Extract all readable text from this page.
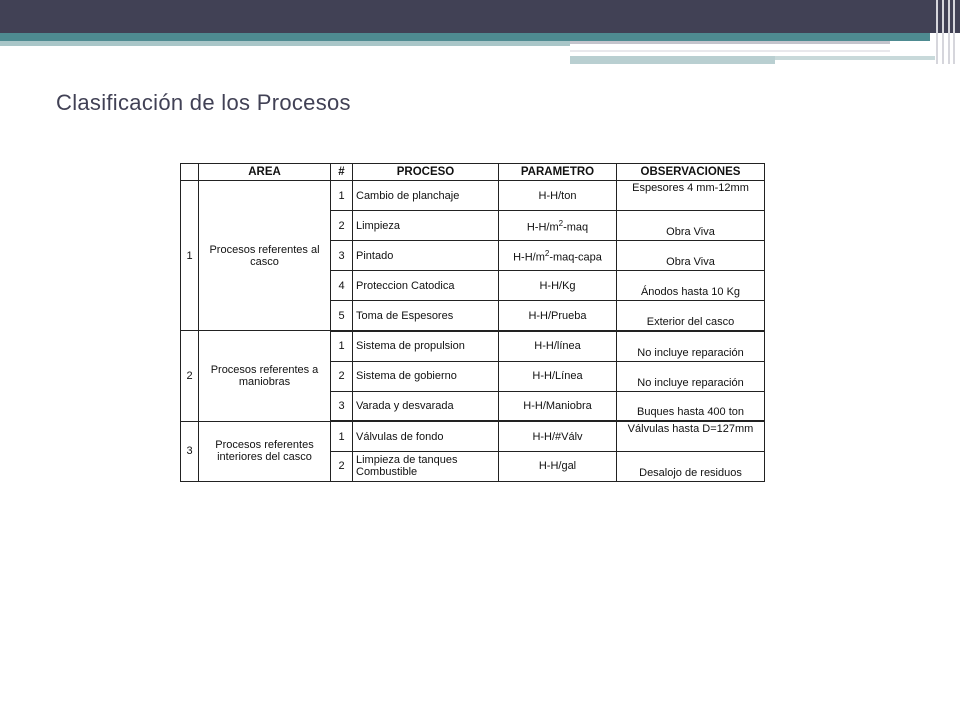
Clasificación de los Procesos
	AREA	#	PROCESO	PARAMETRO	OBSERVACIONES
1	Procesos referentes al casco	1	Cambio de planchaje	H-H/ton	Espesores 4 mm-12mm
		2	Limpieza	$H-H/m^2$-maq	Obra Viva
		3	Pintado	$H-H/m^2-maq$-capa	Obra Viva
		4	Proteccion Catodica	H-H/Kg	Ánodos hasta 10 Kg
		5	Toma de Espesores	H-H/Prueba	Exterior del casco
2	Procesos referentes a maniobras	1	Sistema de propulsion	H-H/línea	No incluye reparación
		2	Sistema de gobierno	H-H/Línea	No incluye reparación
		3	Varada y desvarada	H-H/Maniobra	Buques hasta 400 ton
3	Procesos referentes interiores del casco	1	Válvulas de fondo	H-H/#Válv	Válvulas hasta D=127mm
		2	Limpieza de tanques Combustible	H-H/gal	Desalojo de residuos
